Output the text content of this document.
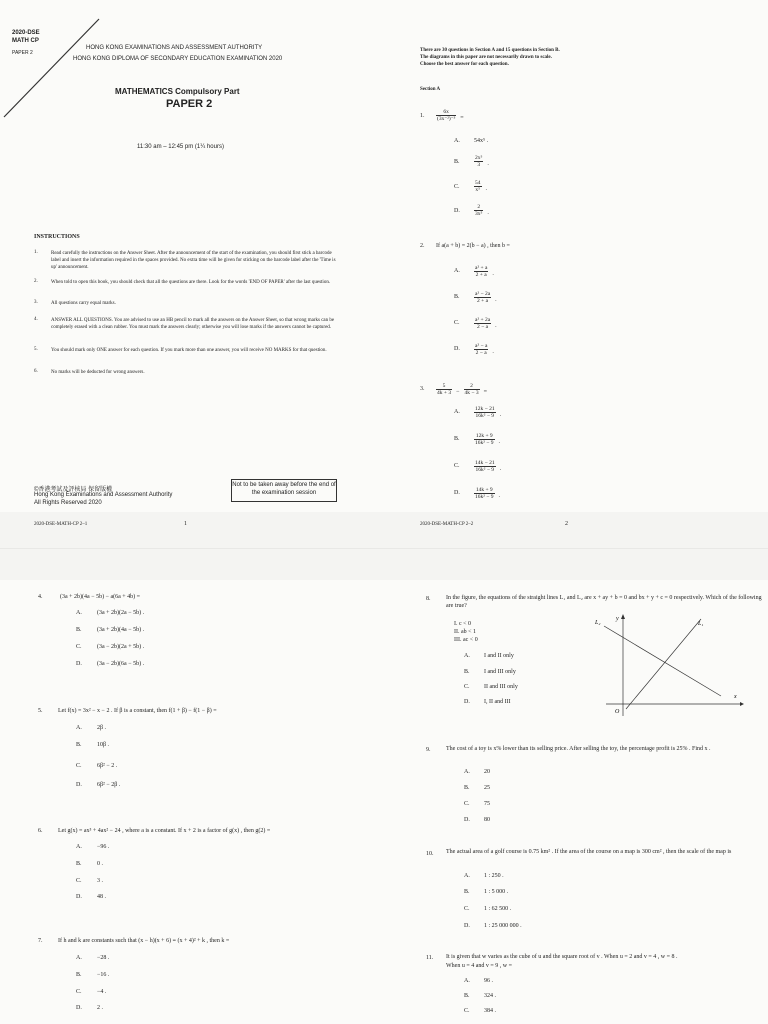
2020-DSE
MATH CP
PAPER 2
HONG KONG EXAMINATIONS AND ASSESSMENT AUTHORITY
HONG KONG DIPLOMA OF SECONDARY EDUCATION EXAMINATION 2020
MATHEMATICS Compulsory Part
PAPER 2
11:30 am – 12:45 pm (1¼ hours)
INSTRUCTIONS
1.	Read carefully the instructions on the Answer Sheet. After the announcement of the start of the examination, you should first stick a barcode label and insert the information required in the spaces provided. No extra time will be given for sticking on the barcode label after the 'Time is up' announcement.
2.	When told to open this book, you should check that all the questions are there. Look for the words 'END OF PAPER' after the last question.
3.	All questions carry equal marks.
4.	ANSWER ALL QUESTIONS. You are advised to use an HB pencil to mark all the answers on the Answer Sheet, so that wrong marks can be completely erased with a clean rubber. You must mark the answers clearly; otherwise you will lose marks if the answers cannot be captured.
5.	You should mark only ONE answer for each question. If you mark more than one answer, you will receive NO MARKS for that question.
6.	No marks will be deducted for wrong answers.
©香港考試及評核局 保留版權
Hong Kong Examinations and Assessment Authority
All Rights Reserved 2020
Not to be taken away before the end of the examination session
2020-DSE-MATH-CP 2–1	1
There are 30 questions in Section A and 15 questions in Section B.
The diagrams in this paper are not necessarily drawn to scale.
Choose the best answer for each question.
Section A
1. $\frac{6x}{\text{(3x⁻²)⁻³}}$ =
A. 54x⁵ .
B.	$\frac{\text{2x⁵}}{3}$ .
C.	$\frac{54}{\text{x⁵}}$ .
D.	$\frac{2}{\text{3x⁵}}$ .
2. If a(a + b) = 2(b − a) , then b =
A.	$\frac{\text{a² + a}}{2 + a}$ .
B.	$\frac{\text{a² − 2a}}{2 + a}$ .
C.	$\frac{\text{a² + 2a}}{2 - a}$ .
D.	$\frac{\text{a² − a}}{2 - a}$ .
3. $\frac{5}{4k + 3} - \frac{2}{4k - 3}$ =
A.	$\frac{12k - 21}{\text{16k² − 9}}$ .
B.	$\frac{12k + 9}{\text{16k² − 9}}$ .
C.	$\frac{14k - 21}{\text{16k² − 9}}$ .
D.	$\frac{14k + 9}{\text{16k² − 9}}$ .
2020-DSE-MATH-CP 2–2	2
4.	(3a + 2b)(4a − 5b) − a(6a + 4b) =
A.	(3a + 2b)(2a − 5b) .
B.	(3a + 2b)(4a − 5b) .
C.	(3a − 2b)(2a + 5b) .
D.	(3a − 2b)(6a − 5b) .
5.	Let f(x) = 3x² − x − 2 . If β is a constant, then f(1 + β) − f(1 − β) =
A.	2β .
B.	10β .
C.	6β² − 2 .
D.	6β² − 2β .
6.	Let g(x) = ax³ + 4ax² − 24 , where a is a constant. If x + 2 is a factor of g(x) , then g(2) =
A.	−96 .
B.	0 .
C.	3 .
D.	48 .
7.	If h and k are constants such that (x − h)(x + 6) ≡ (x + 4)² + k , then k =
A.	−28 .
B.	−16 .
C.	−4 .
D.	2 .
8.	In the figure, the equations of the straight lines L₁ and L₂ are x + ay + b = 0 and bx + y + c = 0 respectively. Which of the following are true?
I. c < 0
II. ab < 1
III. ac < 0
A. I and II only
B. I and III only
C. II and III only
D. I, II and III
y
x
O
L₁
L₂
9.	The cost of a toy is x% lower than its selling price. After selling the toy, the percentage profit is 25% . Find x .
A. 20
B. 25
C. 75
D. 80
10. The actual area of a golf course is 0.75 km² . If the area of the course on a map is 300 cm² , then the scale of the map is
A. 1 : 250 .
B. 1 : 5 000 .
C. 1 : 62 500 .
D. 1 : 25 000 000 .
11. It is given that w varies as the cube of u and the square root of v . When u = 2 and v = 4 , w = 8 .
When u = 4 and v = 9 , w =
A. 96 .
B. 324 .
C. 384 .
